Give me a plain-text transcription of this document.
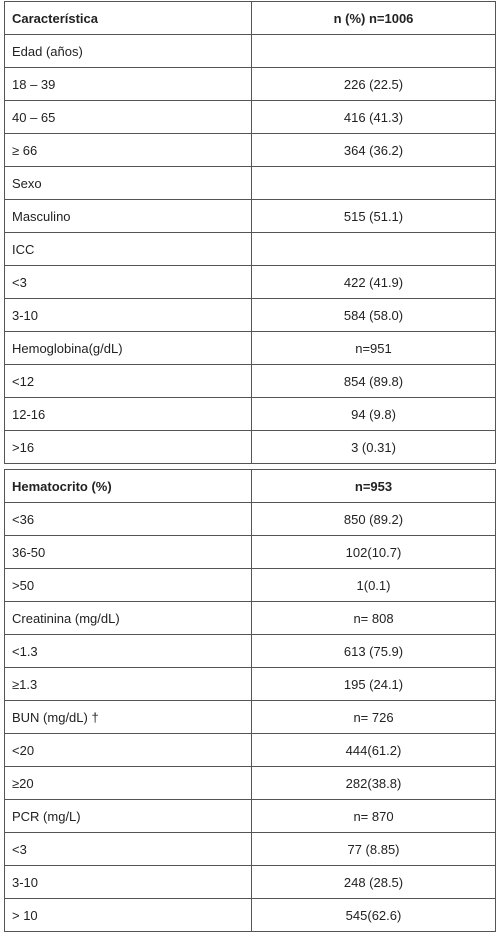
Característica	n (%) n=1006
Edad (años)	
18 – 39	226 (22.5)
40 – 65	416 (41.3)
≥ 66	364 (36.2)
Sexo	
Masculino	515 (51.1)
ICC	
<3	422 (41.9)
3-10	584 (58.0)
Hemoglobina(g/dL)	n=951
<12	854 (89.8)
12-16	94 (9.8)
>16	3 (0.31)
Hematocrito (%)	n=953
<36	850 (89.2)
36-50	102(10.7)
>50	1(0.1)
Creatinina (mg/dL)	n= 808
<1.3	613 (75.9)
≥1.3	195 (24.1)
BUN (mg/dL) †	n= 726
<20	444(61.2)
≥20	282(38.8)
PCR (mg/L)	n= 870
<3	77 (8.85)
3-10	248 (28.5)
> 10	545(62.6)
